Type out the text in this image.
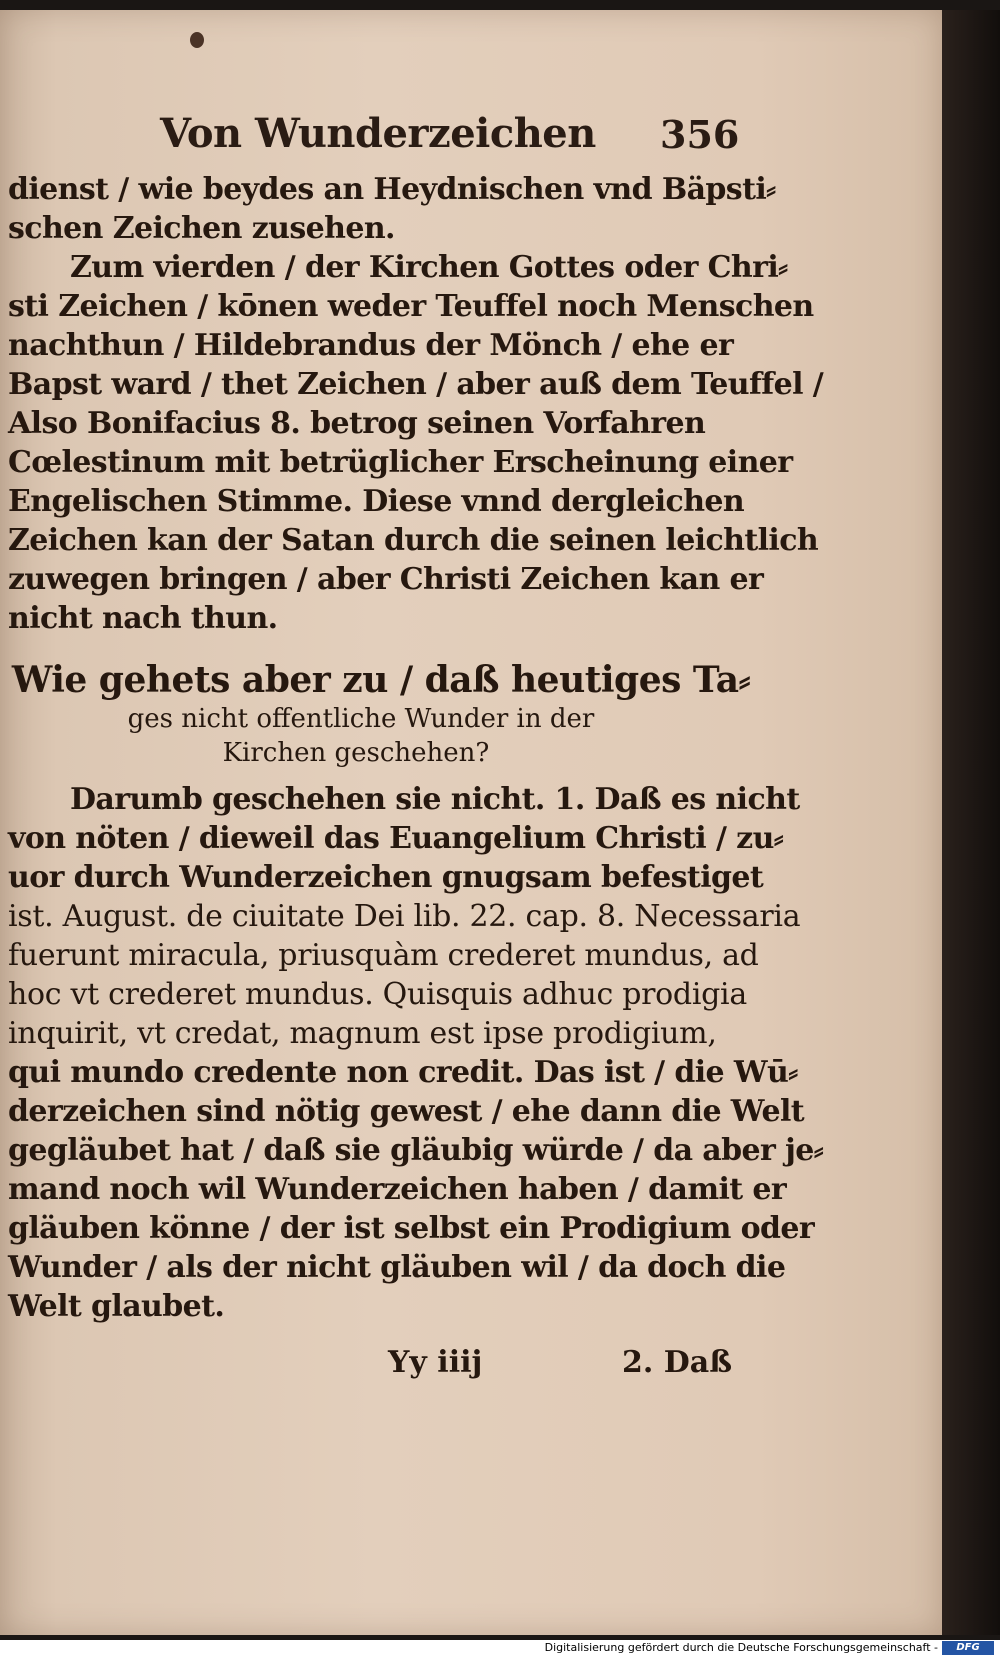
Von Wunderzeichen 356
dienst / wie beydes an Heydnischen vnd Bäpsti⸗
schen Zeichen zusehen.
Zum vierden / der Kirchen Gottes oder Chri⸗
sti Zeichen / kōnen weder Teuffel noch Menschen
nachthun / Hildebrandus der Mönch / ehe er
Bapst ward / thet Zeichen / aber auß dem Teuffel /
Also Bonifacius 8. betrog seinen Vorfahren
Cœlestinum mit betrüglicher Erscheinung einer
Engelischen Stimme. Diese vnnd dergleichen
Zeichen kan der Satan durch die seinen leichtlich
zuwegen bringen / aber Christi Zeichen kan er
nicht nach thun.
Wie gehets aber zu / daß heutiges Ta⸗
ges nicht offentliche Wunder in der
Kirchen geschehen?
Darumb geschehen sie nicht. 1. Daß es nicht
von nöten / dieweil das Euangelium Christi / zu⸗
uor durch Wunderzeichen gnugsam befestiget
ist. August. de ciuitate Dei lib. 22. cap. 8. Necessaria
fuerunt miracula, priusquàm crederet mundus, ad
hoc vt crederet mundus. Quisquis adhuc prodigia
inquirit, vt credat, magnum est ipse prodigium,
qui mundo credente non credit. Das ist / die Wū⸗
derzeichen sind nötig gewest / ehe dann die Welt
gegläubet hat / daß sie gläubig würde / da aber je⸗
mand noch wil Wunderzeichen haben / damit er
gläuben könne / der ist selbst ein Prodigium oder
Wunder / als der nicht gläuben wil / da doch die
Welt glaubet.
Yy iiij	2. Daß
Digitalisierung gefördert durch die Deutsche Forschungsgemeinschaft -	DFG
